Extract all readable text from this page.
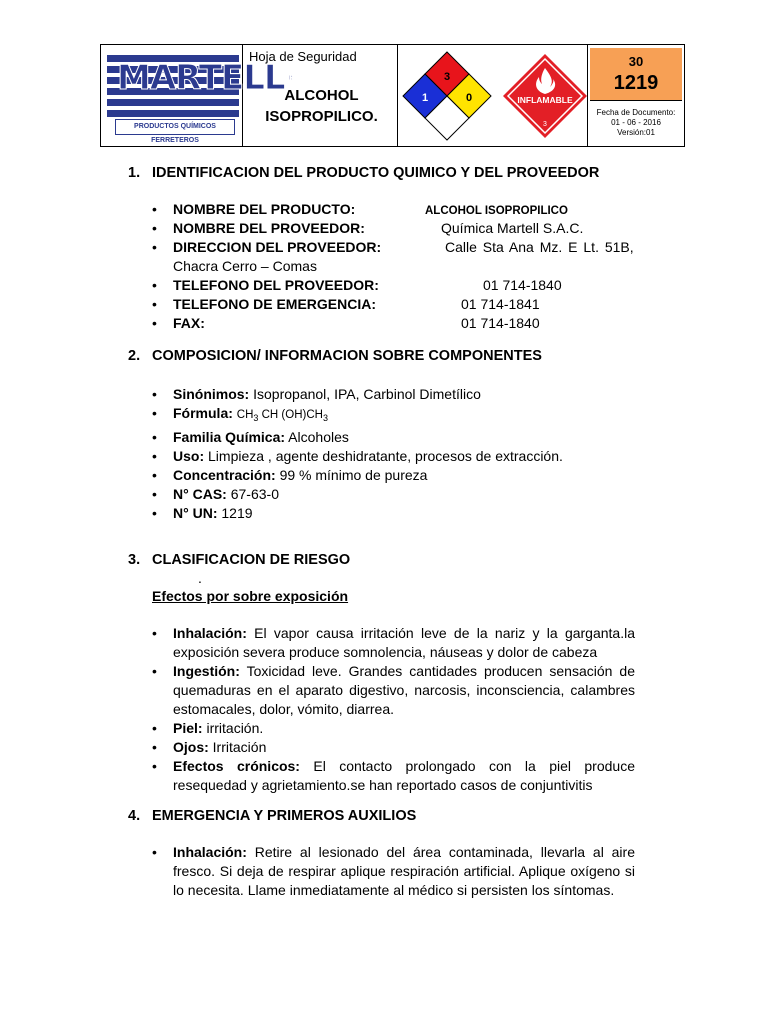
MARTELL®
PRODUCTOS QUÍMICOS FERRETEROS
Hoja de Seguridad
ALCOHOL
ISOPROPILICO.
3
1	0	INFLAMABLE
3
30
1219
Fecha de Documento:
01 - 06 - 2016
Versión:01
1. IDENTIFICACION DEL PRODUCTO QUIMICO Y DEL PROVEEDOR
• NOMBRE DEL PRODUCTO:	ALCOHOL ISOPROPILICO
• NOMBRE DEL PROVEEDOR:	Química Martell S.A.C.
• DIRECCION DEL PROVEEDOR:	Calle Sta Ana Mz. E Lt. 51B,

Chacra Cerro – Comas
• TELEFONO DEL PROVEEDOR:	01 714-1840
• TELEFONO DE EMERGENCIA:	01 714-1841
• FAX:	01 714-1840
2. COMPOSICION/ INFORMACION SOBRE COMPONENTES
• Sinónimos: Isopropanol, IPA, Carbinol Dimetílico
• Fórmula: $CH_3$ CH $(OH)CH_3$
• Familia Química: Alcoholes
• Uso: Limpieza , agente deshidratante, procesos de extracción.
• Concentración: 99 % mínimo de pureza
• N° CAS: 67-63-0
• N° UN: 1219
3. CLASIFICACION DE RIESGO
.
Efectos por sobre exposición
• Inhalación: El vapor causa irritación leve de la nariz y la garganta.la exposición severa produce somnolencia, náuseas y dolor de cabeza
• Ingestión: Toxicidad leve. Grandes cantidades producen sensación de quemaduras en el aparato digestivo, narcosis, inconsciencia, calambres estomacales, dolor, vómito, diarrea.
• Piel: irritación.
• Ojos: Irritación
• Efectos crónicos: El contacto prolongado con la piel produce resequedad y agrietamiento.se han reportado casos de conjuntivitis
4. EMERGENCIA Y PRIMEROS AUXILIOS
• Inhalación: Retire al lesionado del área contaminada, llevarla al aire fresco. Si deja de respirar aplique respiración artificial. Aplique oxígeno si lo necesita. Llame inmediatamente al médico si persisten los síntomas.
